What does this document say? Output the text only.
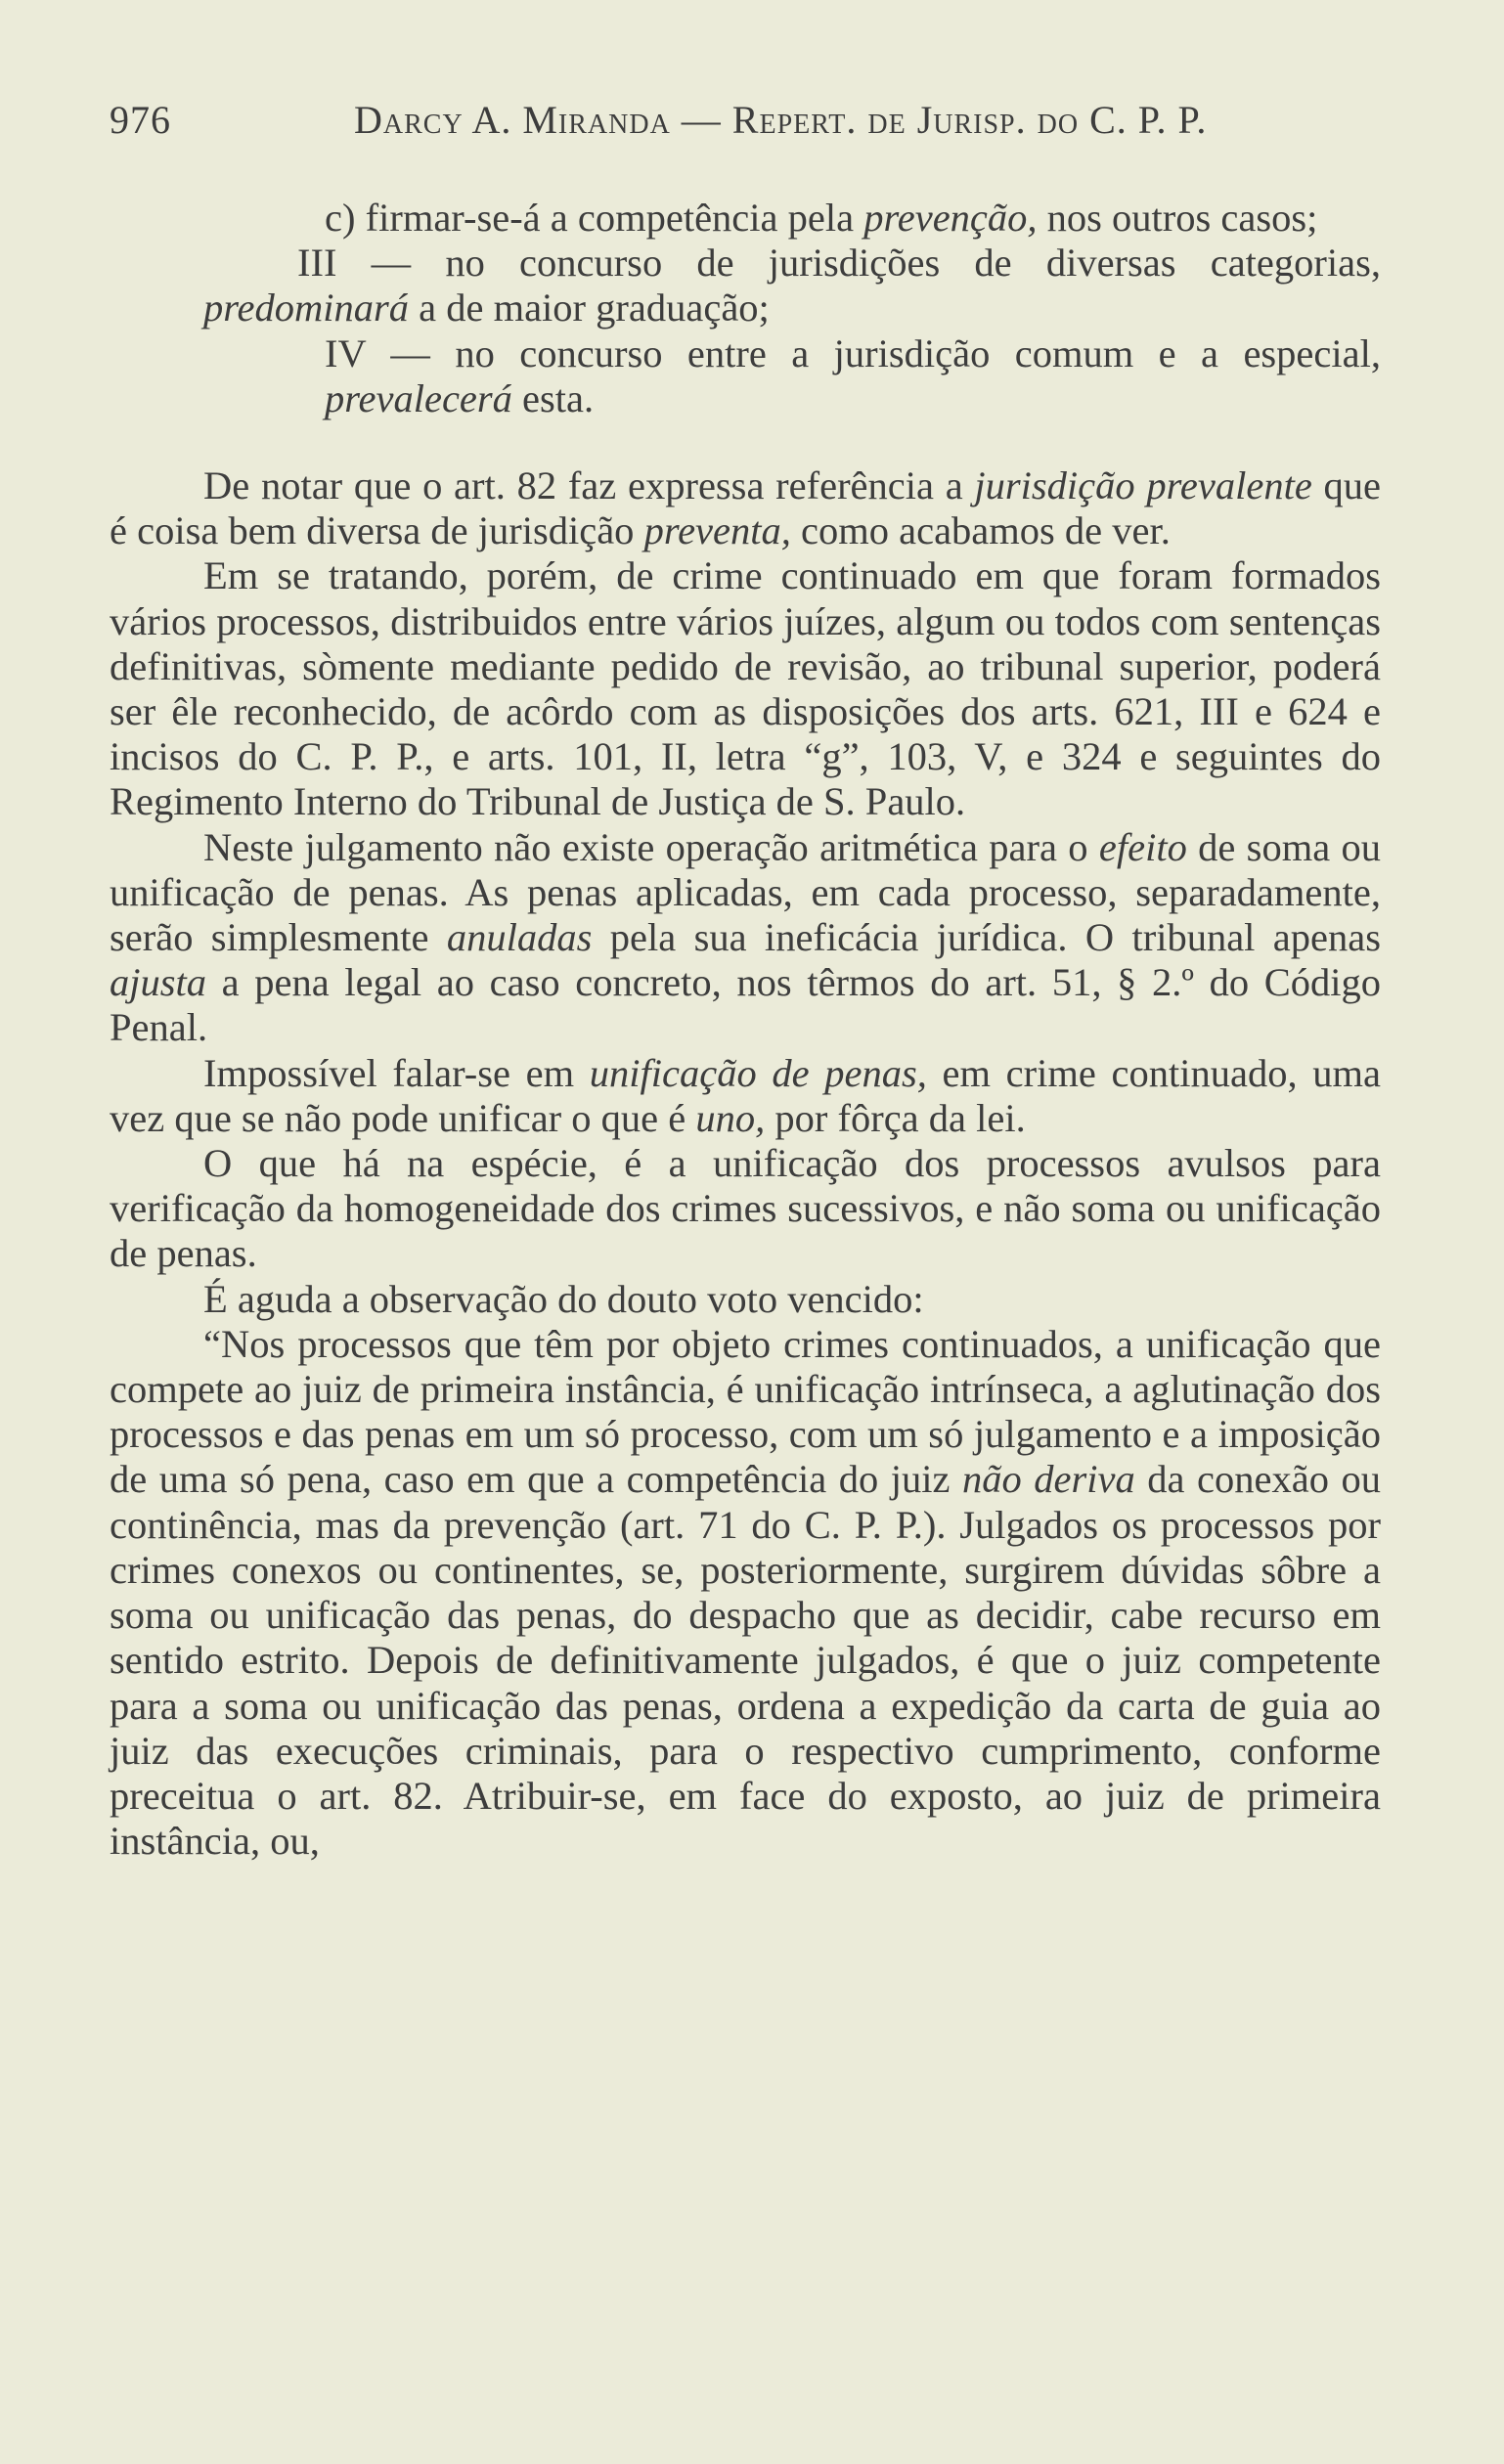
976	Darcy A. Miranda — Repert. de Jurisp. do C. P. P.

c) firmar-se-á a competência pela prevenção, nos outros casos;

III — no concurso de jurisdições de diversas categorias, predominará a de maior graduação;

IV — no concurso entre a jurisdição comum e a especial, prevalecerá esta.

De notar que o art. 82 faz expressa referência a jurisdição prevalente que é coisa bem diversa de jurisdição preventa, como acabamos de ver.

Em se tratando, porém, de crime continuado em que foram formados vários processos, distribuidos entre vários juízes, algum ou todos com sentenças definitivas, sòmente mediante pedido de revisão, ao tribunal superior, poderá ser êle reconhecido, de acôrdo com as disposições dos arts. 621, III e 624 e incisos do C. P. P., e arts. 101, II, letra “g”, 103, V, e 324 e seguintes do Regimento Interno do Tribunal de Justiça de S. Paulo.

Neste julgamento não existe operação aritmética para o efeito de soma ou unificação de penas. As penas aplicadas, em cada processo, separadamente, serão simplesmente anuladas pela sua ineficácia jurídica. O tribunal apenas ajusta a pena legal ao caso concreto, nos têrmos do art. 51, § 2.º do Código Penal.

Impossível falar-se em unificação de penas, em crime continuado, uma vez que se não pode unificar o que é uno, por fôrça da lei.

O que há na espécie, é a unificação dos processos avulsos para verificação da homogeneidade dos crimes sucessivos, e não soma ou unificação de penas.

É aguda a observação do douto voto vencido:

“Nos processos que têm por objeto crimes continuados, a unificação que compete ao juiz de primeira instância, é unificação intrínseca, a aglutinação dos processos e das penas em um só processo, com um só julgamento e a imposição de uma só pena, caso em que a competência do juiz não deriva da conexão ou continência, mas da prevenção (art. 71 do C. P. P.). Julgados os processos por crimes conexos ou continentes, se, posteriormente, surgirem dúvidas sôbre a soma ou unificação das penas, do despacho que as decidir, cabe recurso em sentido estrito. Depois de definitivamente julgados, é que o juiz competente para a soma ou unificação das penas, ordena a expedição da carta de guia ao juiz das execuções criminais, para o respectivo cumprimento, conforme preceitua o art. 82. Atribuir-se, em face do exposto, ao juiz de primeira instância, ou,
